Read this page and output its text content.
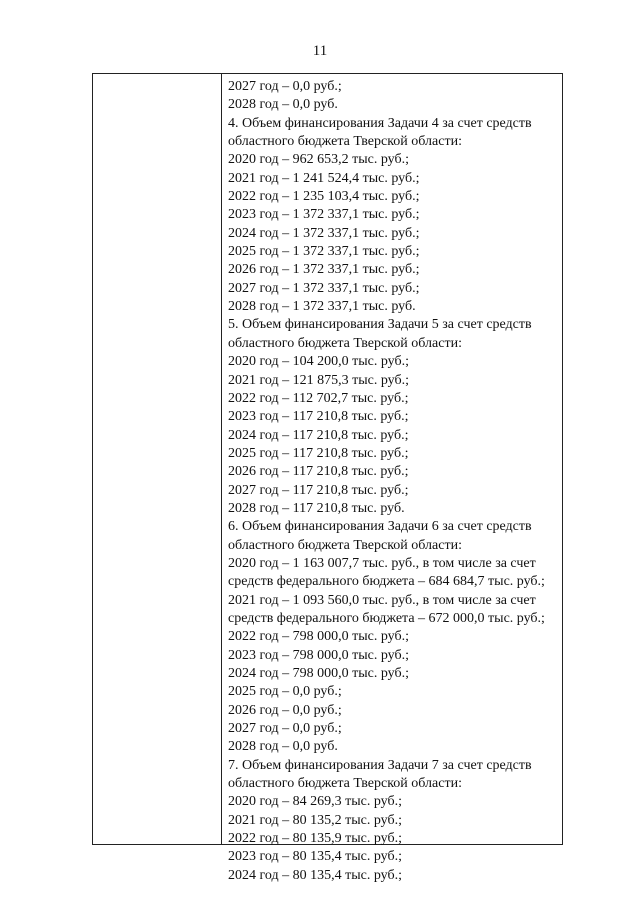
11
2027 год – 0,0 руб.;
2028 год – 0,0 руб.
4. Объем финансирования Задачи 4 за счет средств
областного бюджета Тверской области:
2020 год – 962 653,2 тыс. руб.;
2021 год – 1 241 524,4 тыс. руб.;
2022 год – 1 235 103,4 тыс. руб.;
2023 год – 1 372 337,1 тыс. руб.;
2024 год – 1 372 337,1 тыс. руб.;
2025 год – 1 372 337,1 тыс. руб.;
2026 год – 1 372 337,1 тыс. руб.;
2027 год – 1 372 337,1 тыс. руб.;
2028 год – 1 372 337,1 тыс. руб.
5. Объем финансирования Задачи 5 за счет средств
областного бюджета Тверской области:
2020 год – 104 200,0 тыс. руб.;
2021 год – 121 875,3 тыс. руб.;
2022 год – 112 702,7 тыс. руб.;
2023 год – 117 210,8 тыс. руб.;
2024 год – 117 210,8 тыс. руб.;
2025 год – 117 210,8 тыс. руб.;
2026 год – 117 210,8 тыс. руб.;
2027 год – 117 210,8 тыс. руб.;
2028 год – 117 210,8 тыс. руб.
6. Объем финансирования Задачи 6 за счет средств
областного бюджета Тверской области:
2020 год – 1 163 007,7 тыс. руб., в том числе за счет
средств федерального бюджета – 684 684,7 тыс. руб.;
2021 год – 1 093 560,0 тыс. руб., в том числе за счет
средств федерального бюджета – 672 000,0 тыс. руб.;
2022 год – 798 000,0 тыс. руб.;
2023 год – 798 000,0 тыс. руб.;
2024 год – 798 000,0 тыс. руб.;
2025 год – 0,0 руб.;
2026 год – 0,0 руб.;
2027 год – 0,0 руб.;
2028 год – 0,0 руб.
7. Объем финансирования Задачи 7 за счет средств
областного бюджета Тверской области:
2020 год – 84 269,3 тыс. руб.;
2021 год – 80 135,2 тыс. руб.;
2022 год – 80 135,9 тыс. руб.;
2023 год – 80 135,4 тыс. руб.;
2024 год – 80 135,4 тыс. руб.;
